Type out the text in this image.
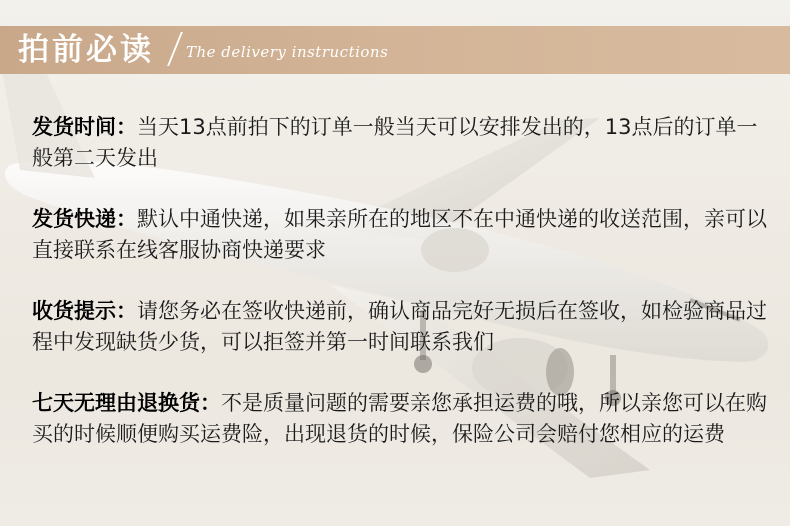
拍前必读 The delivery instructions
发货时间：当天13点前拍下的订单一般当天可以安排发出的，13点后的订单一般第二天发出
发货快递：默认中通快递，如果亲所在的地区不在中通快递的收送范围，亲可以直接联系在线客服协商快递要求
收货提示：请您务必在签收快递前，确认商品完好无损后在签收，如检验商品过程中发现缺货少货，可以拒签并第一时间联系我们
七天无理由退换货：不是质量问题的需要亲您承担运费的哦，所以亲您可以在购买的时候顺便购买运费险，出现退货的时候，保险公司会赔付您相应的运费
